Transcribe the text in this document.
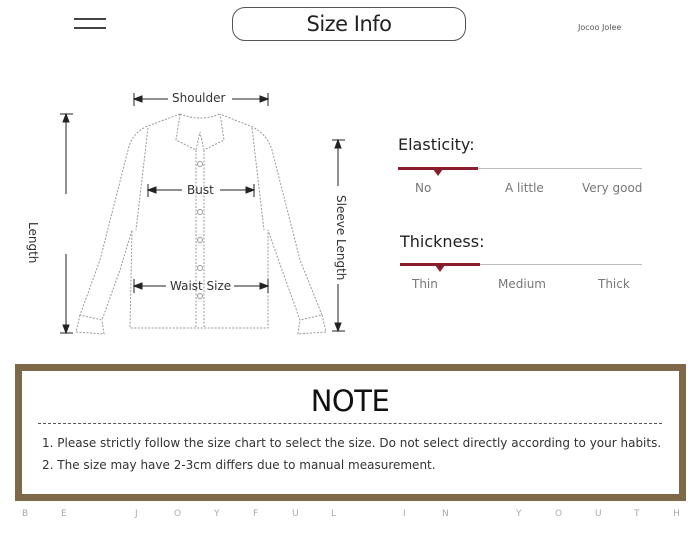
Size Info	Jocoo Jolee
Shoulder
Bust
Waist Size
Length	Sleeve Length
Elasticity:
No	A little	Very good
Thickness:
Thin	Medium	Thick
NOTE
1. Please strictly follow the size chart to select the size. Do not select directly according to your habits.
2. The size may have 2-3cm differs due to manual measurement.
B	E	J	O	Y	F	U	L	I	N	Y	O	U	T	H
